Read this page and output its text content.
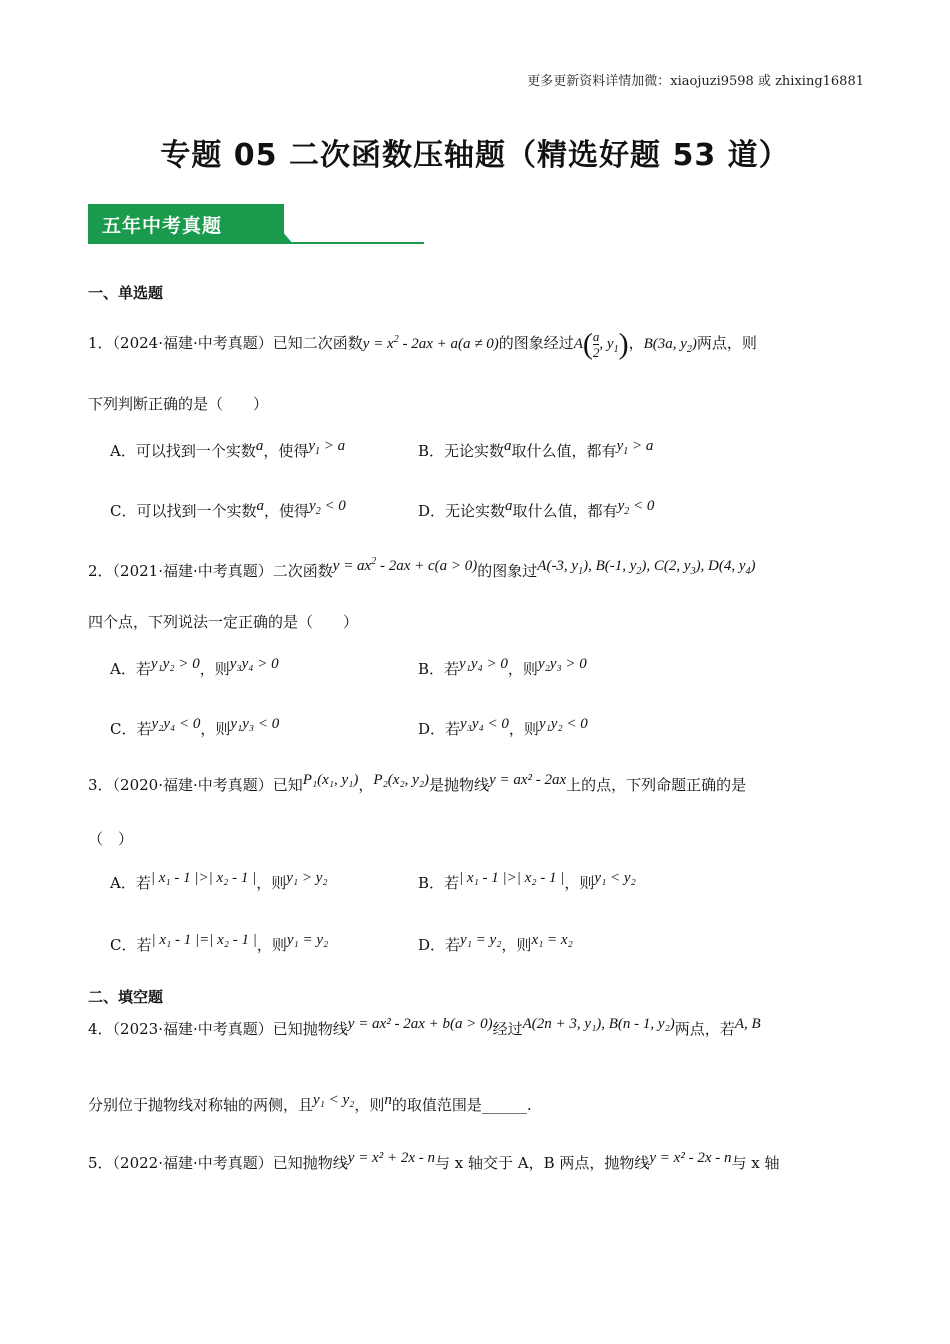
更多更新资料详情加微：xiaojuzi9598 或 zhixing16881
专题 05 二次函数压轴题（精选好题 53 道）
五年中考真题
一、单选题
1．（2024·福建·中考真题）已知二次函数$y = x^2 - 2ax + a(a \ne 0)$的图象经过$A( \frac{a}{2}$ , $y_1$)，B(3a, $y_2$)两点，则
下列判断正确的是（　　）
A．可以找到一个实数$^a$，使得$^{y_1 > a}$	B．无论实数$^a$取什么值，都有$^{y_1 > a}$
C．可以找到一个实数$^a$，使得$^{y_2 < 0}$	D．无论实数$^a$取什么值，都有$^{y_2 < 0}$
2．（2021·福建·中考真题）二次函数$^{y = ax^2 - 2ax + c(a > 0)}$的图象过$^{A(-3, y_1), B(-1, y_2), C(2, y_3), D(4, y_4)}$
四个点，下列说法一定正确的是（　　）
A．若$^{y_1y_2 > 0}$，则$^{y_3y_4 > 0}$	B．若$^{y_1y_4 > 0}$，则$^{y_2y_3 > 0}$
C．若$^{y_2y_4 < 0}$，则$^{y_1y_3 < 0}$	D．若$^{y_3y_4 < 0}$，则$^{y_1y_2 < 0}$
3．（2020·福建·中考真题）已知$^{P_1(x_1, y_1)}$，$^{P_2(x_2, y_2)}$是抛物线$^{y = ax^2 - 2ax}$上的点，下列命题正确的是
（　）
A．若$^{| x_1 - 1 |>| x_2 - 1 |}$，则$^{y_1 > y_2}$	B．若$^{| x_1 - 1 |>| x_2 - 1 |}$，则$^{y_1 < y_2}$
C．若$^{| x_1 - 1 |=| x_2 - 1 |}$，则$^{y_1 = y_2}$	D．若$^{y_1 = y_2}$，则$^{x_1 = x_2}$
二、填空题
4．（2023·福建·中考真题）已知抛物线$^{y = ax^2 - 2ax + b(a > 0)}$经过$^{A(2n + 3, y_1), B(n - 1, y_2)}$两点，若$^{A, B}$
分别位于抛物线对称轴的两侧，且$^{y_1 < y_2}$，则$^n$的取值范围是______.
5．（2022·福建·中考真题）已知抛物线$^{y = x^2 + 2x - n}$与 x 轴交于 A，B 两点，抛物线$^{y = x^2 - 2x - n}$与 x 轴
